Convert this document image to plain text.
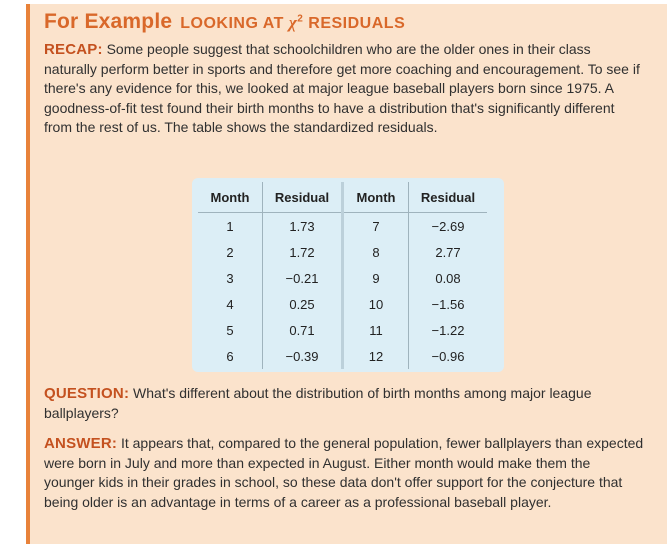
For Example LOOKING AT $\chi^2$ RESIDUALS

RECAP: Some people suggest that schoolchildren who are the older ones in their class naturally perform better in sports and therefore get more coaching and encouragement. To see if there's any evidence for this, we looked at major league baseball players born since 1975. A goodness-of-fit test found their birth months to have a distribution that's significantly different from the rest of us. The table shows the standardized residuals.

Month	Residual	Month	Residual
1	1.73	7	−2.69
2	1.72	8	2.77
3	−0.21	9	0.08
4	0.25	10	−1.56
5	0.71	11	−1.22
6	−0.39	12	−0.96

QUESTION: What's different about the distribution of birth months among major league ballplayers?

ANSWER: It appears that, compared to the general population, fewer ballplayers than expected were born in July and more than expected in August. Either month would make them the younger kids in their grades in school, so these data don't offer support for the conjecture that being older is an advantage in terms of a career as a professional baseball player.
